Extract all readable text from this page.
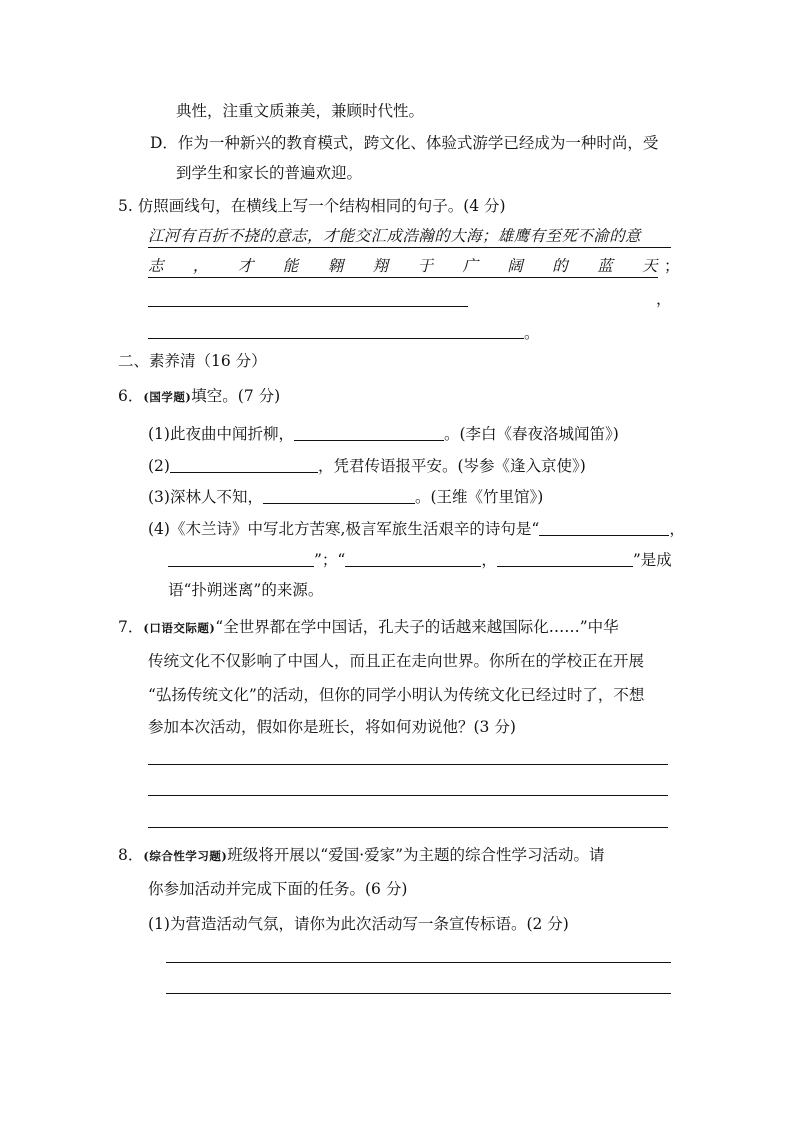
典性，注重文质兼美，兼顾时代性。
D．作为一种新兴的教育模式，跨文化、体验式游学已经成为一种时尚，受
到学生和家长的普遍欢迎。
5. 仿照画线句，在横线上写一个结构相同的句子。(4 分)
江河有百折不挠的意志，才能交汇成浩瀚的大海；雄鹰有至死不渝的意
志 ， 才 能 翱 翔 于 广 阔 的 蓝 天 ；
，
。
二、素养清（16 分）
6．(国学题)填空。(7 分)
(1)此夜曲中闻折柳，	。(李白《春夜洛城闻笛》)
(2)	，凭君传语报平安。(岑参《逢入京使》)
(3)深林人不知，	。(王维《竹里馆》)
(4)《木兰诗》中写北方苦寒,极言军旅生活艰辛的诗句是“	，
”；“	，	”是成
语“扑朔迷离”的来源。
7．(口语交际题)“全世界都在学中国话，孔夫子的话越来越国际化……”中华
传统文化不仅影响了中国人，而且正在走向世界。你所在的学校正在开展
“弘扬传统文化”的活动，但你的同学小明认为传统文化已经过时了，不想
参加本次活动，假如你是班长，将如何劝说他？(3 分)
8．(综合性学习题)班级将开展以“爱国·爱家”为主题的综合性学习活动。请
你参加活动并完成下面的任务。(6 分)
(1)为营造活动气氛，请你为此次活动写一条宣传标语。(2 分)
